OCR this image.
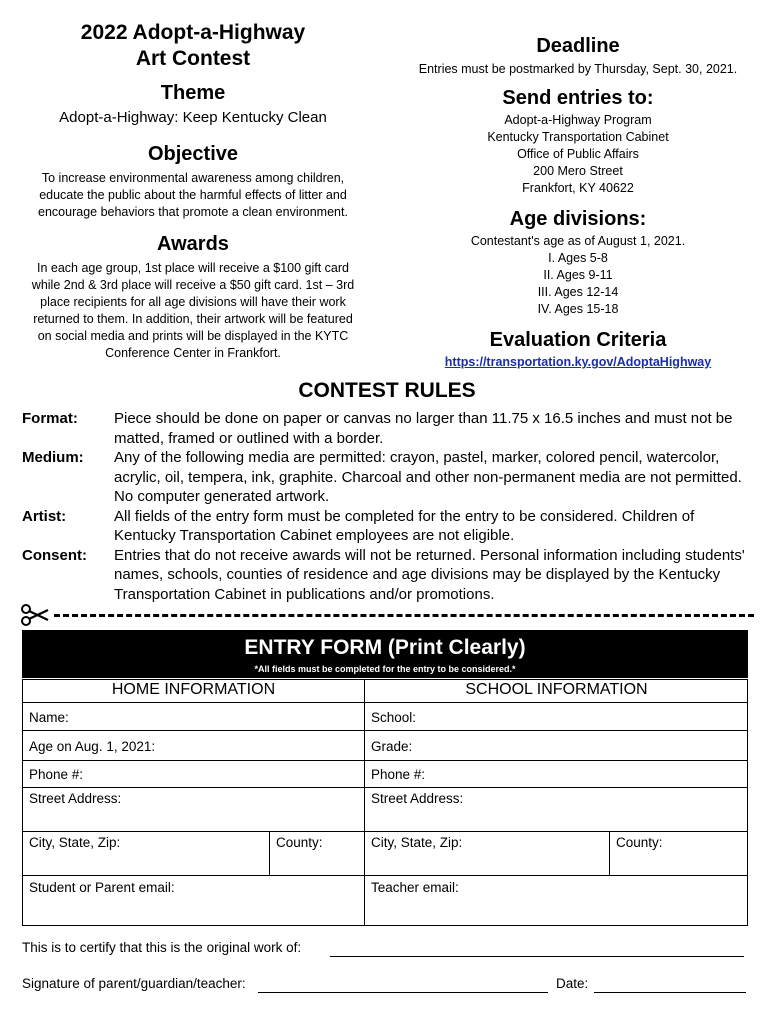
2022 Adopt-a-Highway
Art Contest
Theme
Adopt-a-Highway: Keep Kentucky Clean
Objective
To increase environmental awareness among children,
educate the public about the harmful effects of litter and
encourage behaviors that promote a clean environment.
Awards
In each age group, 1st place will receive a $100 gift card
while 2nd & 3rd place will receive a $50 gift card. 1st – 3rd
place recipients for all age divisions will have their work
returned to them. In addition, their artwork will be featured
on social media and prints will be displayed in the KYTC
Conference Center in Frankfort.
Deadline
Entries must be postmarked by Thursday, Sept. 30, 2021.
Send entries to:
Adopt-a-Highway Program
Kentucky Transportation Cabinet
Office of Public Affairs
200 Mero Street
Frankfort, KY 40622
Age divisions:
Contestant's age as of August 1, 2021.
I. Ages 5-8
II. Ages 9-11
III. Ages 12-14
IV. Ages 15-18
Evaluation Criteria
https://transportation.ky.gov/AdoptaHighway
CONTEST RULES
Format:	Piece should be done on paper or canvas no larger than 11.75 x 16.5 inches and must not be matted, framed or outlined with a border.
Medium:	Any of the following media are permitted: crayon, pastel, marker, colored pencil, watercolor, acrylic, oil, tempera, ink, graphite. Charcoal and other non-permanent media are not permitted. No computer generated artwork.
Artist:	All fields of the entry form must be completed for the entry to be considered. Children of Kentucky Transportation Cabinet employees are not eligible.
Consent:	Entries that do not receive awards will not be returned. Personal information including students' names, schools, counties of residence and age divisions may be displayed by the Kentucky Transportation Cabinet in publications and/or promotions.
ENTRY FORM (Print Clearly)
*All fields must be completed for the entry to be considered.*
HOME INFORMATION	SCHOOL INFORMATION
Name:	School:
Age on Aug. 1, 2021:	Grade:
Phone #:	Phone #:
Street Address:	Street Address:
City, State, Zip:	County:	City, State, Zip:	County:
Student or Parent email:	Teacher email:
This is to certify that this is the original work of:
Signature of parent/guardian/teacher:	Date:
